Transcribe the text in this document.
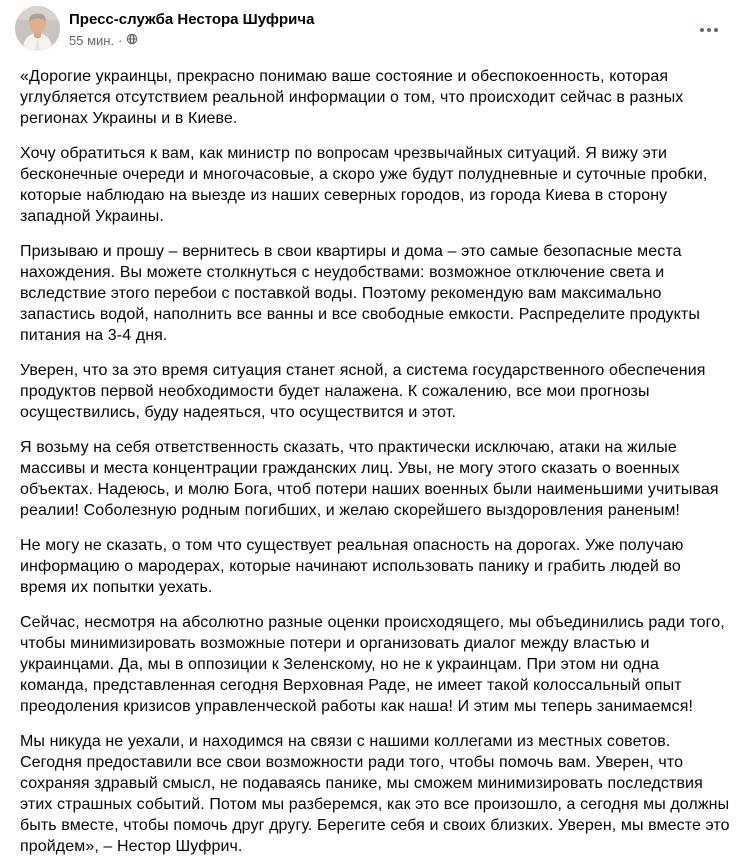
Пресс-служба Нестора Шуфрича
55 мин. ·

«Дорогие украинцы, прекрасно понимаю ваше состояние и обеспокоенность, которая углубляется отсутствием реальной информации о том, что происходит сейчас в разных регионах Украины и в Киеве.

Хочу обратиться к вам, как министр по вопросам чрезвычайных ситуаций. Я вижу эти бесконечные очереди и многочасовые, а скоро уже будут полудневные и суточные пробки, которые наблюдаю на выезде из наших северных городов, из города Киева в сторону западной Украины.

Призываю и прошу – вернитесь в свои квартиры и дома – это самые безопасные места нахождения. Вы можете столкнуться с неудобствами: возможное отключение света и вследствие этого перебои с поставкой воды. Поэтому рекомендую вам максимально запастись водой, наполнить все ванны и все свободные емкости. Распределите продукты питания на 3-4 дня.

Уверен, что за это время ситуация станет ясной, а система государственного обеспечения продуктов первой необходимости будет налажена. К сожалению, все мои прогнозы осуществились, буду надеяться, что осуществится и этот.

Я возьму на себя ответственность сказать, что практически исключаю, атаки на жилые массивы и места концентрации гражданских лиц. Увы, не могу этого сказать о военных объектах. Надеюсь, и молю Бога, чтоб потери наших военных были наименьшими учитывая реалии! Соболезную родным погибших, и желаю скорейшего выздоровления раненым!

Не могу не сказать, о том что существует реальная опасность на дорогах. Уже получаю информацию о мародерах, которые начинают использовать панику и грабить людей во время их попытки уехать.

Сейчас, несмотря на абсолютно разные оценки происходящего, мы объединились ради того, чтобы минимизировать возможные потери и организовать диалог между властью и украинцами. Да, мы в оппозиции к Зеленскому, но не к украинцам. При этом ни одна команда, представленная сегодня Верховная Раде, не имеет такой колоссальный опыт преодоления кризисов управленческой работы как наша! И этим мы теперь занимаемся!

Мы никуда не уехали, и находимся на связи с нашими коллегами из местных советов. Сегодня предоставили все свои возможности ради того, чтобы помочь вам. Уверен, что сохраняя здравый смысл, не подаваясь панике, мы сможем минимизировать последствия этих страшных событий. Потом мы разберемся, как это все произошло, а сегодня мы должны быть вместе, чтобы помочь друг другу. Берегите себя и своих близких. Уверен, мы вместе это пройдем», – Нестор Шуфрич.
